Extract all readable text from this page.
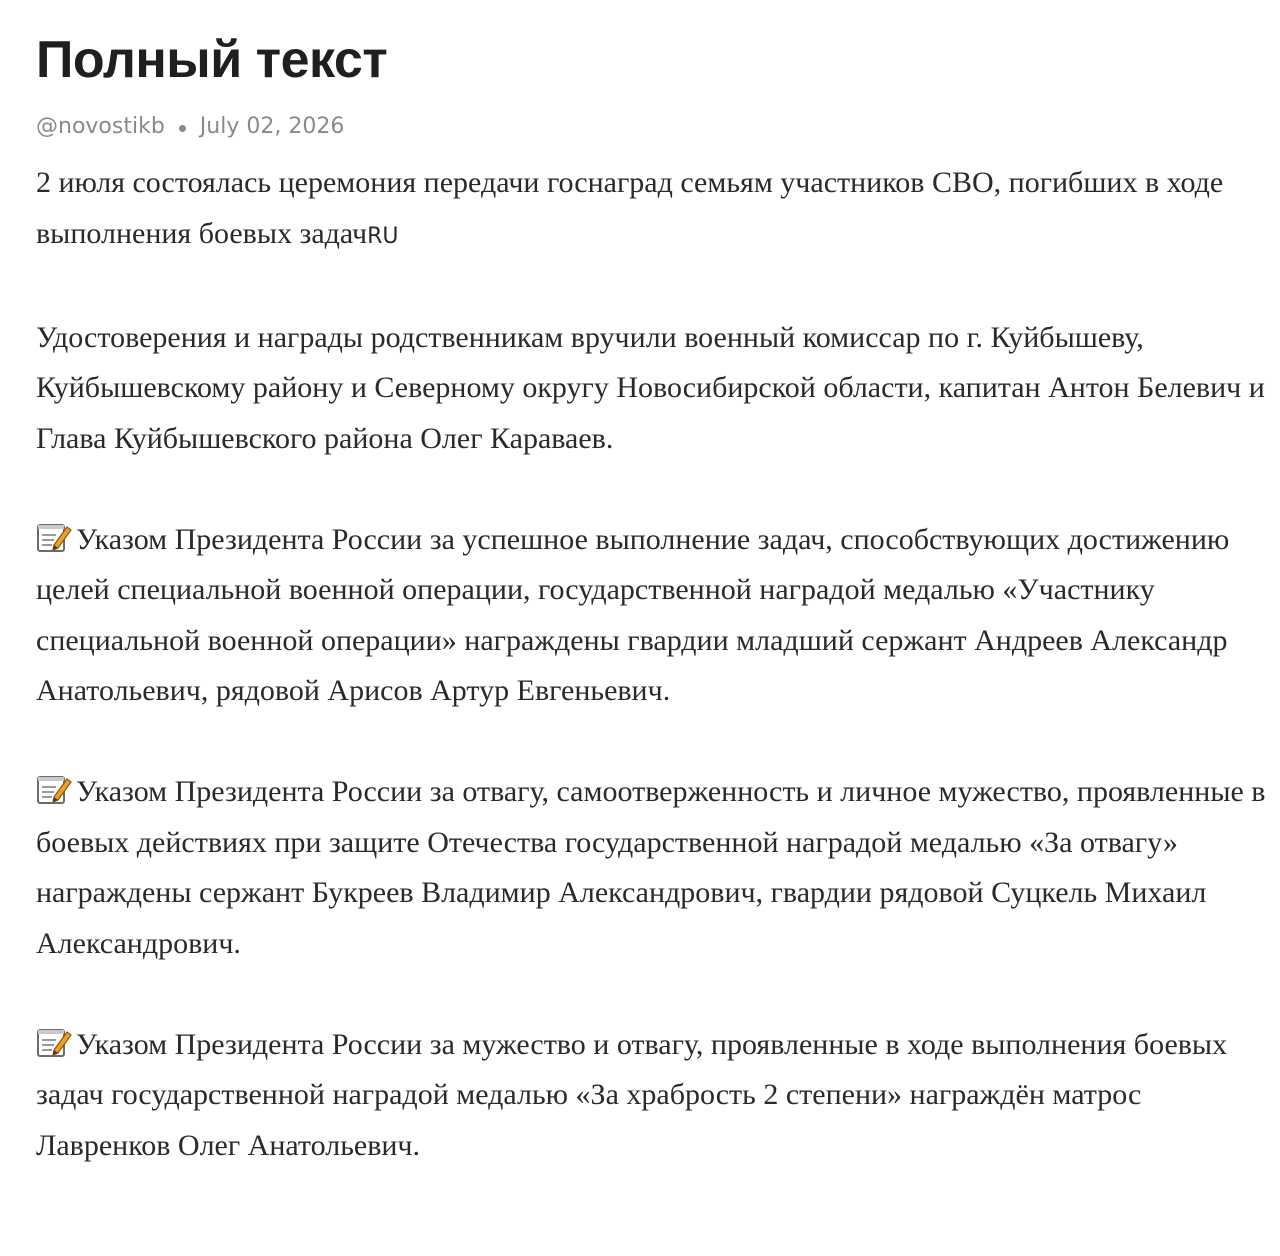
Полный текст
@novostikb July 02, 2026

2 июля состоялась церемония передачи госнаград семьям участников СВО, погибших в ходе выполнения боевых задачRU

Удостоверения и награды родственникам вручили военный комиссар по г. Куйбышеву, Куйбышевскому району и Северному округу Новосибирской области, капитан Антон Белевич и Глава Куйбышевского района Олег Караваев.

Указом Президента России за успешное выполнение задач, способствующих достижению целей специальной военной операции, государственной наградой медалью «Участнику специальной военной операции» награждены гвардии младший сержант Андреев Александр Анатольевич, рядовой Арисов Артур Евгеньевич.

Указом Президента России за отвагу, самоотверженность и личное мужество, проявленные в боевых действиях при защите Отечества государственной наградой медалью «За отвагу» награждены сержант Букреев Владимир Александрович, гвардии рядовой Суцкель Михаил Александрович.

Указом Президента России за мужество и отвагу, проявленные в ходе выполнения боевых задач государственной наградой медалью «За храбрость 2 степени» награждён матрос Лавренков Олег Анатольевич.
